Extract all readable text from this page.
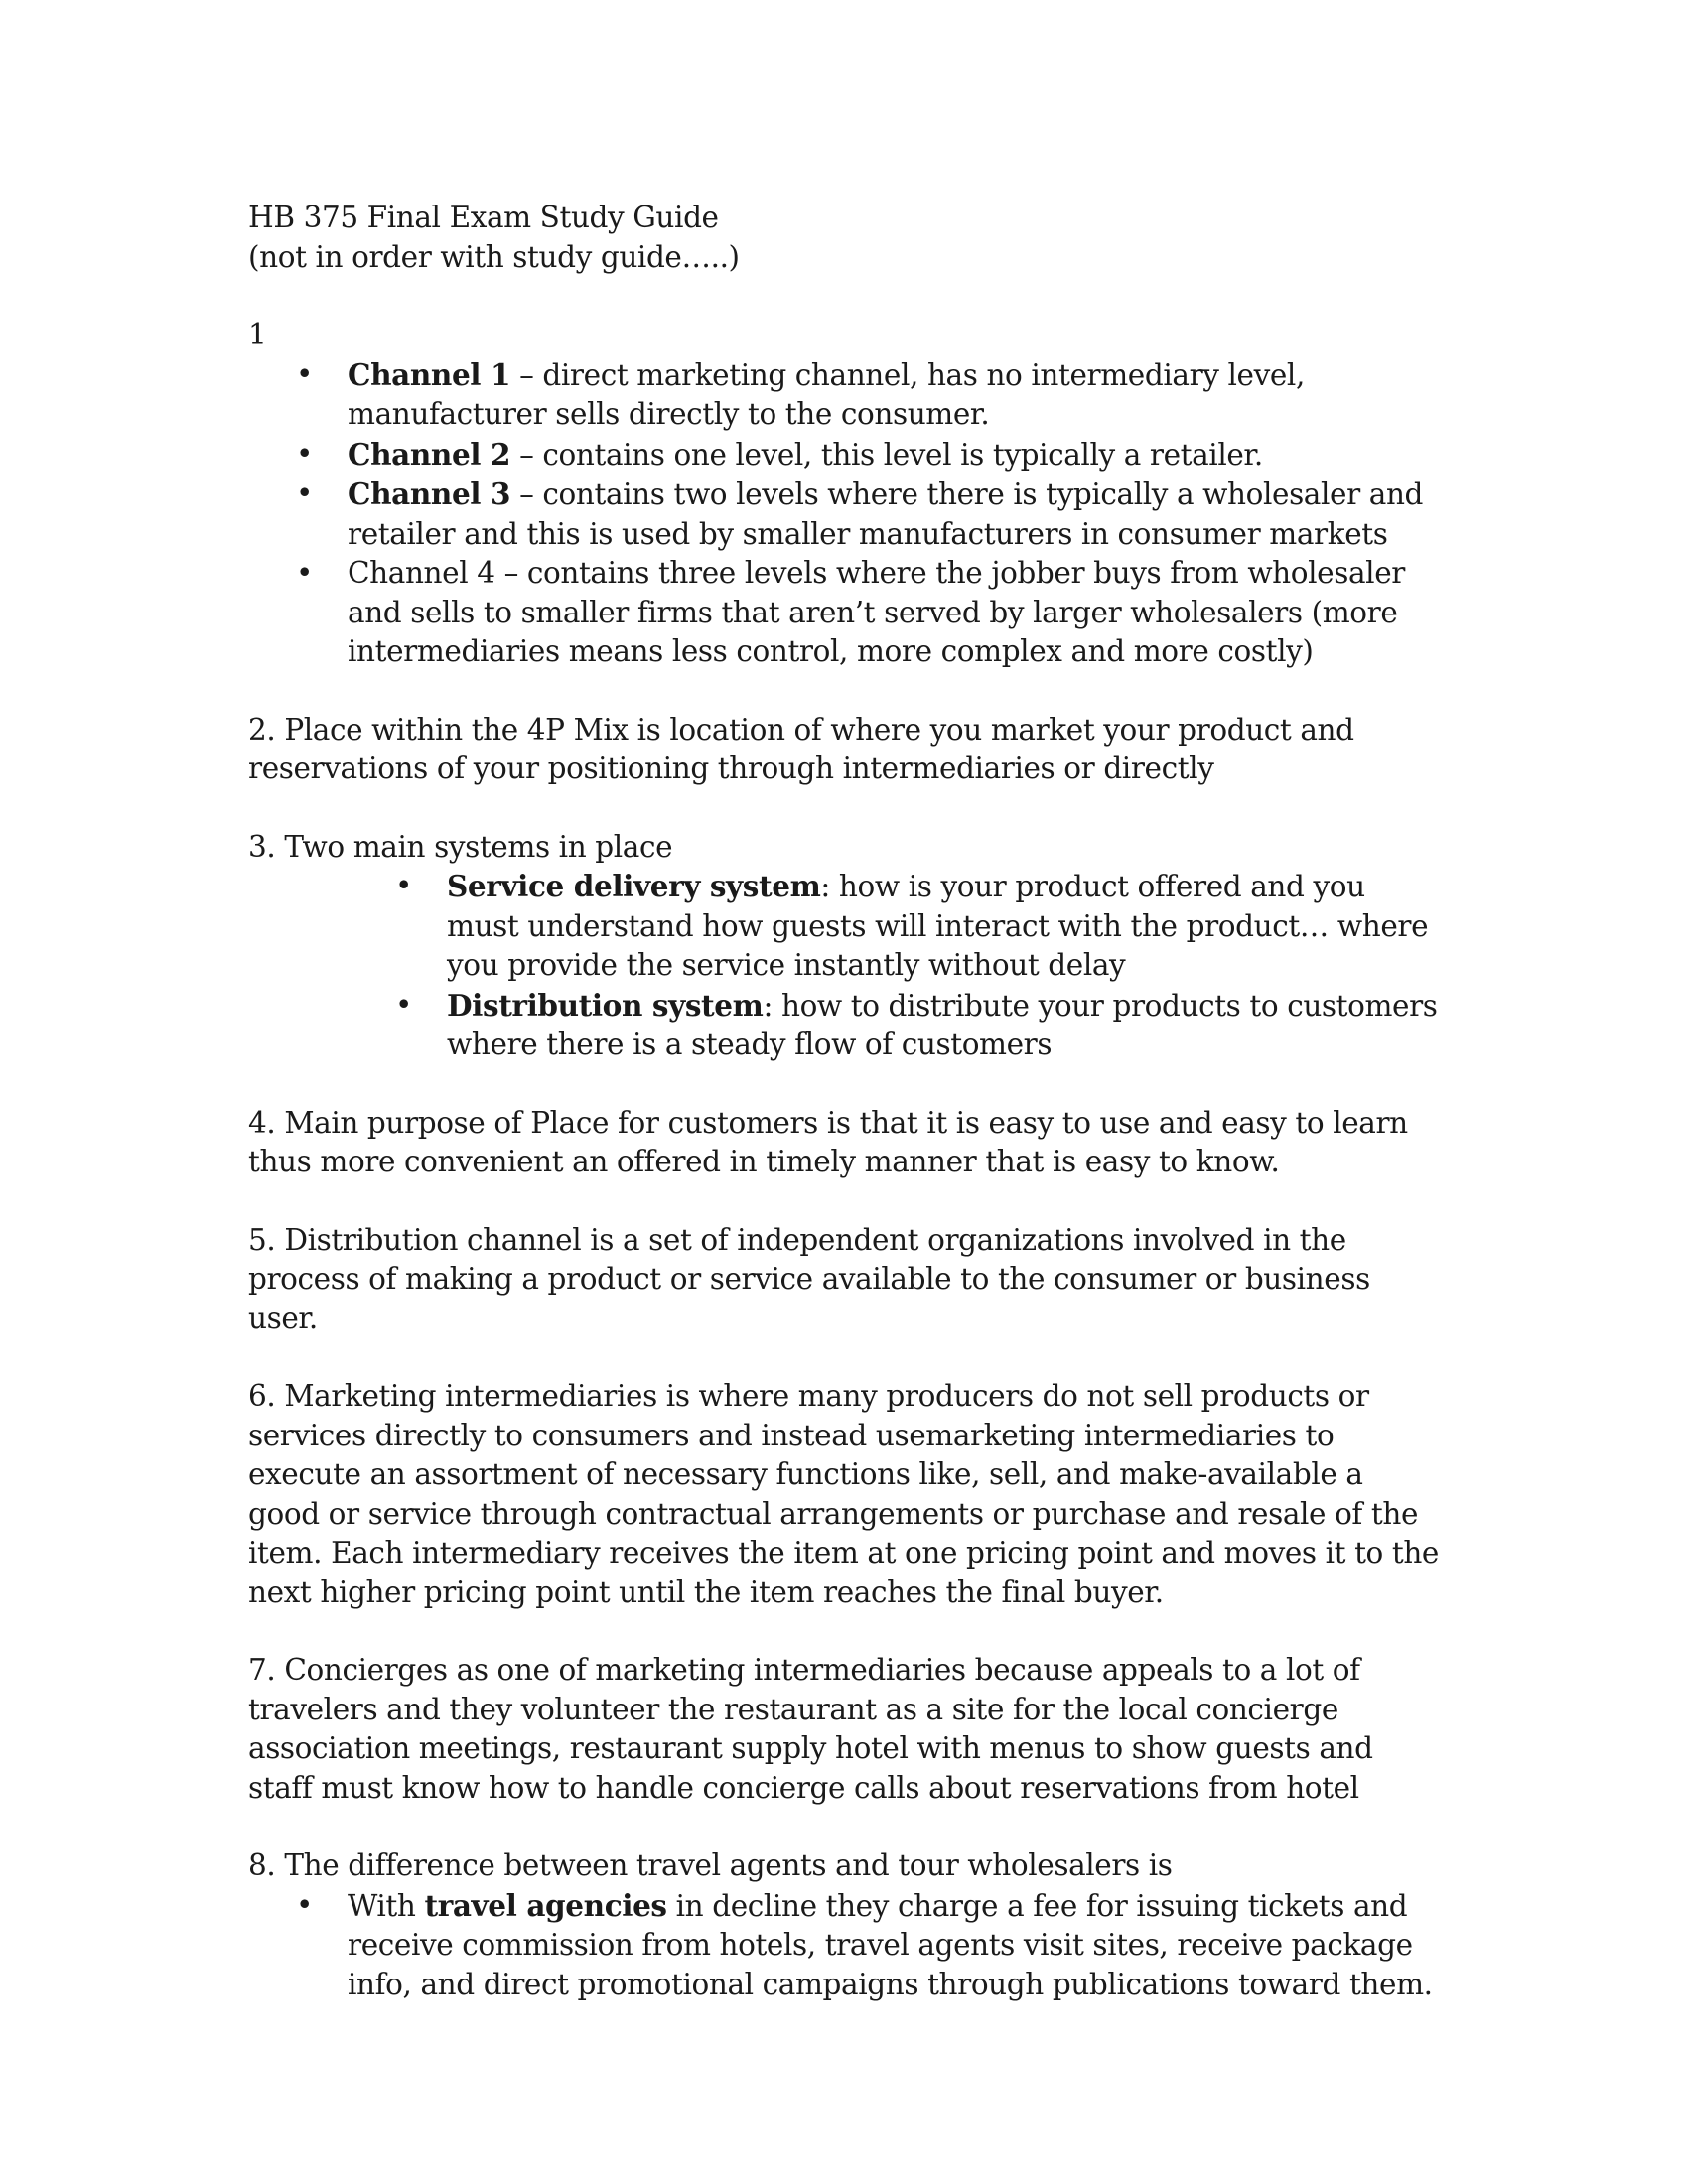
HB 375 Final Exam Study Guide
(not in order with study guide…..)
1
• Channel 1 – direct marketing channel, has no intermediary level, manufacturer sells directly to the consumer.
• Channel 2 – contains one level, this level is typically a retailer.
• Channel 3 – contains two levels where there is typically a wholesaler and retailer and this is used by smaller manufacturers in consumer markets
• Channel 4 – contains three levels where the jobber buys from wholesaler and sells to smaller firms that aren’t served by larger wholesalers (more intermediaries means less control, more complex and more costly)

2. Place within the 4P Mix is location of where you market your product and reservations of your positioning through intermediaries or directly

3. Two main systems in place

• Service delivery system: how is your product offered and you must understand how guests will interact with the product… where you provide the service instantly without delay
• Distribution system: how to distribute your products to customers where there is a steady flow of customers

4. Main purpose of Place for customers is that it is easy to use and easy to learn thus more convenient an offered in timely manner that is easy to know.

5. Distribution channel is a set of independent organizations involved in the process of making a product or service available to the consumer or business user.

6. Marketing intermediaries is where many producers do not sell products or services directly to consumers and instead usemarketing intermediaries to execute an assortment of necessary functions like, sell, and make-available a good or service through contractual arrangements or purchase and resale of the item. Each intermediary receives the item at one pricing point and moves it to the next higher pricing point until the item reaches the final buyer.

7. Concierges as one of marketing intermediaries because appeals to a lot of travelers and they volunteer the restaurant as a site for the local concierge association meetings, restaurant supply hotel with menus to show guests and staff must know how to handle concierge calls about reservations from hotel

8. The difference between travel agents and tour wholesalers is

• With travel agencies in decline they charge a fee for issuing tickets and receive commission from hotels, travel agents visit sites, receive package info, and direct promotional campaigns through publications toward them.
